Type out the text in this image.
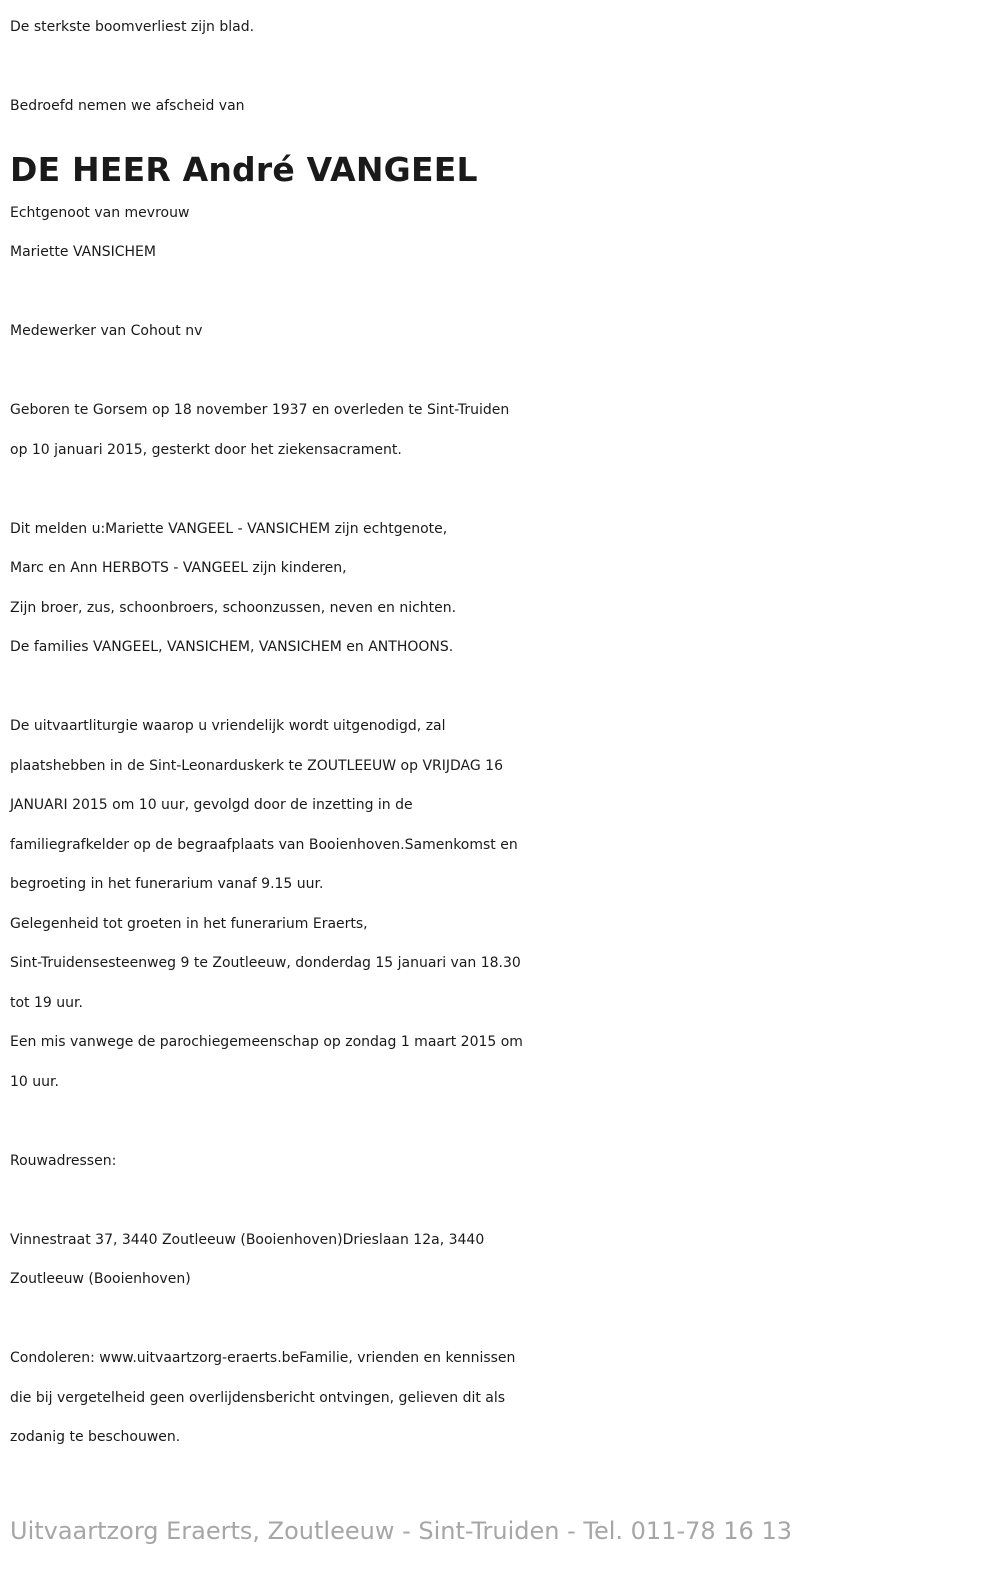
De sterkste boomverliest zijn blad.

Bedroefd nemen we afscheid van

DE HEER André VANGEEL

Echtgenoot van mevrouw

Mariette VANSICHEM

Medewerker van Cohout nv

Geboren te Gorsem op 18 november 1937 en overleden te Sint-Truiden

op 10 januari 2015, gesterkt door het ziekensacrament.

Dit melden u:Mariette VANGEEL - VANSICHEM zijn echtgenote,

Marc en Ann HERBOTS - VANGEEL zijn kinderen,

Zijn broer, zus, schoonbroers, schoonzussen, neven en nichten.

De families VANGEEL, VANSICHEM, VANSICHEM en ANTHOONS.

De uitvaartliturgie waarop u vriendelijk wordt uitgenodigd, zal

plaatshebben in de Sint-Leonarduskerk te ZOUTLEEUW op VRIJDAG 16

JANUARI 2015 om 10 uur, gevolgd door de inzetting in de

familiegrafkelder op de begraafplaats van Booienhoven.Samenkomst en

begroeting in het funerarium vanaf 9.15 uur.

Gelegenheid tot groeten in het funerarium Eraerts,

Sint-Truidensesteenweg 9 te Zoutleeuw, donderdag 15 januari van 18.30

tot 19 uur.

Een mis vanwege de parochiegemeenschap op zondag 1 maart 2015 om

10 uur.

Rouwadressen:

Vinnestraat 37, 3440 Zoutleeuw (Booienhoven)Drieslaan 12a, 3440

Zoutleeuw (Booienhoven)

Condoleren: www.uitvaartzorg-eraerts.beFamilie, vrienden en kennissen

die bij vergetelheid geen overlijdensbericht ontvingen, gelieven dit als

zodanig te beschouwen.

Uitvaartzorg Eraerts, Zoutleeuw - Sint-Truiden - Tel. 011-78 16 13
